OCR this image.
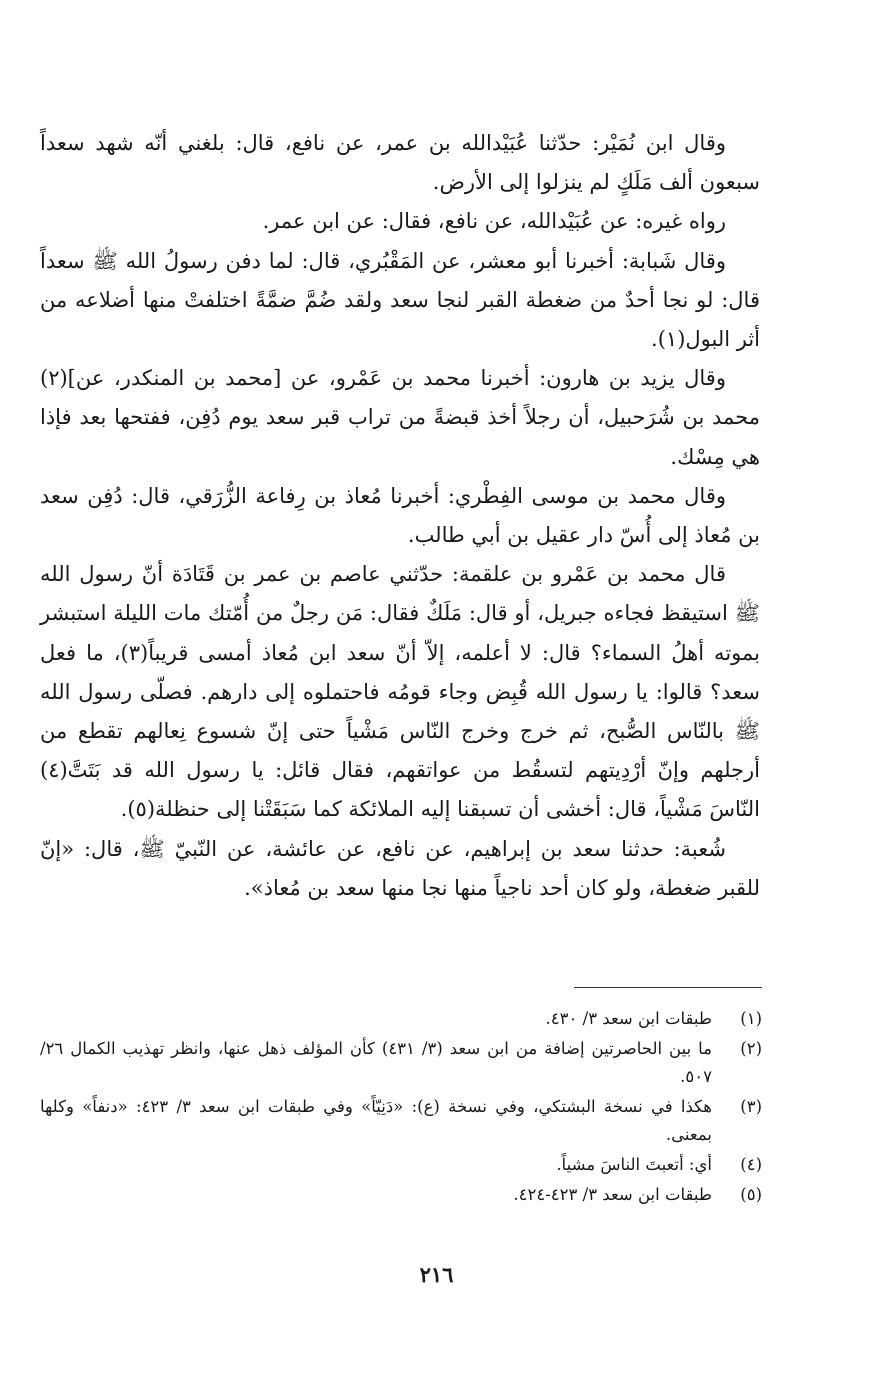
وقال ابن نُمَيْر: حدّثنا عُبَيْدالله بن عمر، عن نافع، قال: بلغني أنّه شهد سعداً سبعون ألف مَلَكٍ لم ينزلوا إلى الأرض.

رواه غيره: عن عُبَيْدالله، عن نافع، فقال: عن ابن عمر.

وقال شَبابة: أخبرنا أبو معشر، عن المَقْبُري، قال: لما دفن رسولُ الله ﷺ سعداً قال: لو نجا أحدٌ من ضغطة القبر لنجا سعد ولقد ضُمَّ ضمَّةً اختلفتْ منها أضلاعه من أثر البول(١).

وقال يزيد بن هارون: أخبرنا محمد بن عَمْرو، عن [محمد بن المنكدر، عن](٢) محمد بن شُرَحبيل، أن رجلاً أخذ قبضةً من تراب قبر سعد يوم دُفِن، ففتحها بعد فإذا هي مِسْك.

وقال محمد بن موسى الفِطْري: أخبرنا مُعاذ بن رِفاعة الزُّرَقي، قال: دُفِن سعد بن مُعاذ إلى أُسّ دار عقيل بن أبي طالب.

قال محمد بن عَمْرو بن علقمة: حدّثني عاصم بن عمر بن قَتَادَة أنّ رسول الله ﷺ استيقظ فجاءه جبريل، أو قال: مَلَكٌ فقال: مَن رجلٌ من أُمّتك مات الليلة استبشر بموته أهلُ السماء؟ قال: لا أعلمه، إلاّ أنّ سعد ابن مُعاذ أمسى قريباً(٣)، ما فعل سعد؟ قالوا: يا رسول الله قُبِض وجاء قومُه فاحتملوه إلى دارهم. فصلّى رسول الله ﷺ بالنّاس الصُّبح، ثم خرج وخرج النّاس مَشْياً حتى إنّ شسوع نِعالهم تقطع من أرجلهم وإنّ أرْدِيتهم لتسقُط من عواتقهم، فقال قائل: يا رسول الله قد بَتَتَّ(٤) النّاسَ مَشْياً، قال: أخشى أن تسبقنا إليه الملائكة كما سَبَقَتْنا إلى حنظلة(٥).

شُعبة: حدثنا سعد بن إبراهيم، عن نافع، عن عائشة، عن النّبيّ ﷺ، قال: «إنّ للقبر ضغطة، ولو كان أحد ناجياً منها نجا منها سعد بن مُعاذ».

(١)
طبقات ابن سعد ٣/ ٤٣٠.
(٢)
ما بين الحاصرتين إضافة من ابن سعد (٣/ ٤٣١) كأن المؤلف ذهل عنها، وانظر تهذيب الكمال ٢٦/ ٥٠٧.
(٣)
هكذا في نسخة البشتكي، وفي نسخة (ع): «دَنِيّاً» وفي طبقات ابن سعد ٣/ ٤٢٣: «دنفاً» وكلها بمعنى.
(٤)
أي: أتعبتَ الناسَ مشياً.
(٥)
طبقات ابن سعد ٣/ ٤٢٣-٤٢٤.
٢١٦
